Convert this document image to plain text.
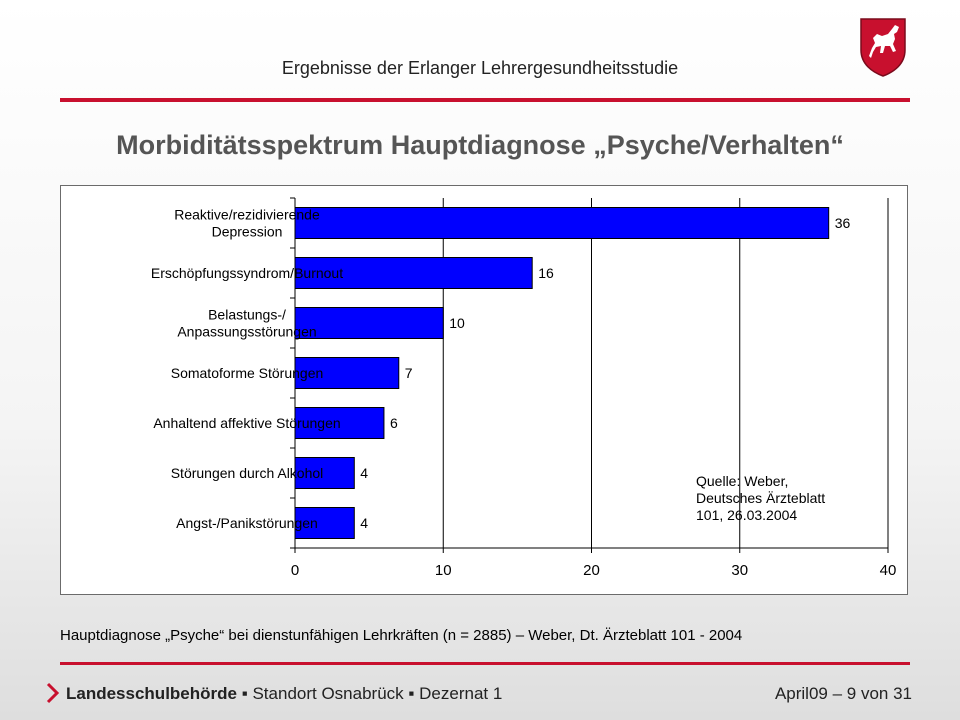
Ergebnisse der Erlanger Lehrergesundheitsstudie
Morbiditätsspektrum Hauptdiagnose „Psyche/Verhalten“
36
Reaktive/rezidivierende
Depression
16
Erschöpfungssyndrom/Burnout
10
Belastungs-/
Anpassungsstörungen
7
Somatoforme Störungen
6
Anhaltend affektive Störungen
4
Störungen durch Alkohol
4
Angst-/Panikstörungen
0	10	20	30	40
Quelle: Weber,
Deutsches Ärzteblatt
101, 26.03.2004
Hauptdiagnose „Psyche“ bei dienstunfähigen Lehrkräften (n = 2885) – Weber, Dt. Ärzteblatt 101 - 2004
Landesschulbehörde ▪ Standort Osnabrück ▪ Dezernat 1	April09 – 9 von 31
